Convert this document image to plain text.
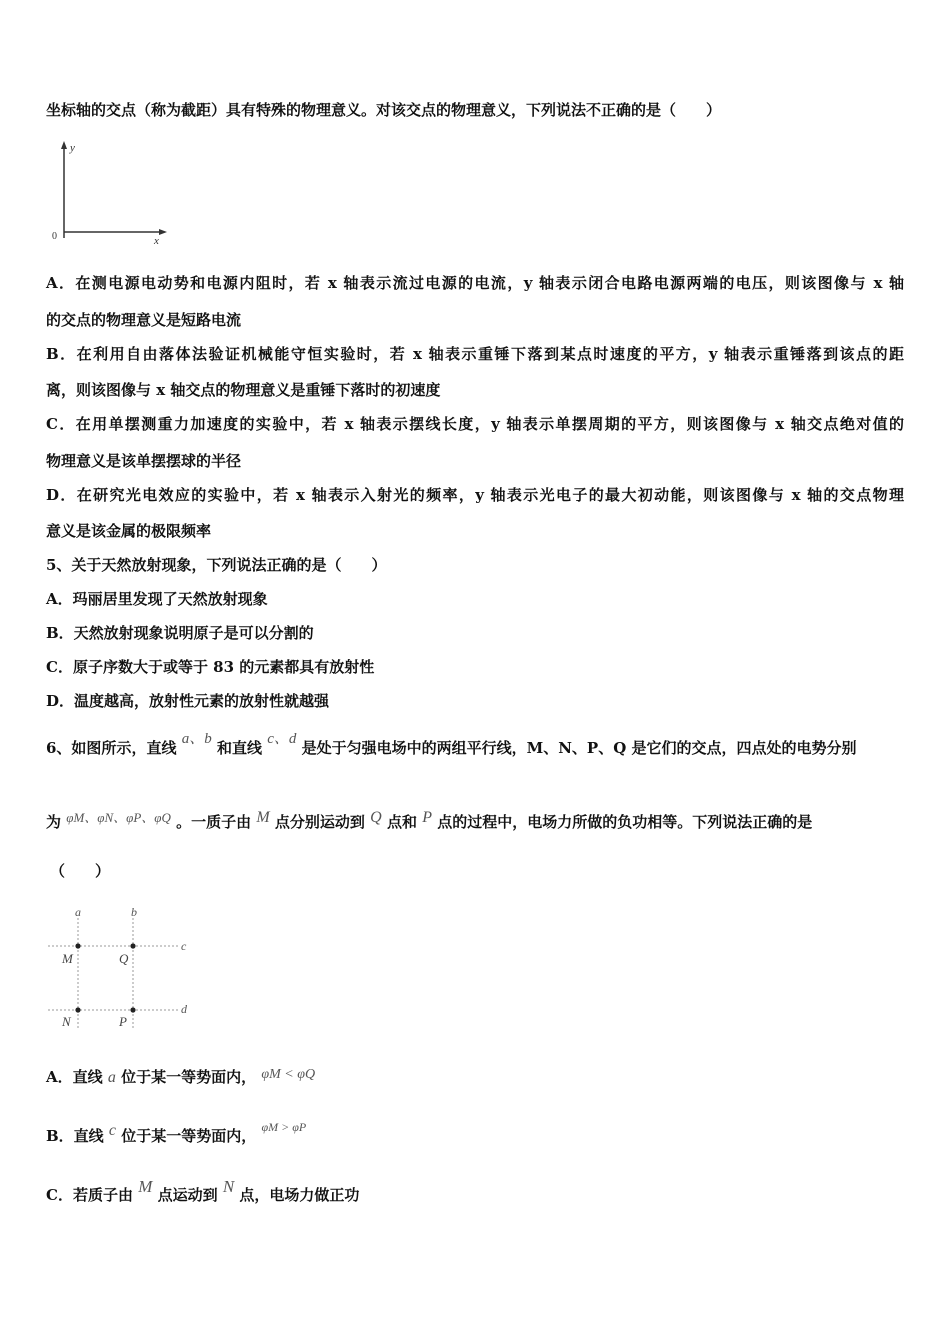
坐标轴的交点（称为截距）具有特殊的物理意义。对该交点的物理意义，下列说法不正确的是（　　）
y
x
0
A．在测电源电动势和电源内阻时，若 x 轴表示流过电源的电流，y 轴表示闭合电路电源两端的电压，则该图像与 x 轴
的交点的物理意义是短路电流
B．在利用自由落体法验证机械能守恒实验时，若 x 轴表示重锤下落到某点时速度的平方，y 轴表示重锤落到该点的距
离，则该图像与 x 轴交点的物理意义是重锤下落时的初速度
C．在用单摆测重力加速度的实验中，若 x 轴表示摆线长度，y 轴表示单摆周期的平方，则该图像与 x 轴交点绝对值的
物理意义是该单摆摆球的半径
D．在研究光电效应的实验中，若 x 轴表示入射光的频率，y 轴表示光电子的最大初动能，则该图像与 x 轴的交点物理
意义是该金属的极限频率
5、关于天然放射现象，下列说法正确的是（　　）
A．玛丽居里发现了天然放射现象
B．天然放射现象说明原子是可以分割的
C．原子序数大于或等于 83 的元素都具有放射性
D．温度越高，放射性元素的放射性就越强
6、如图所示，直线 a、b 和直线 c、d 是处于匀强电场中的两组平行线，M、N、P、Q 是它们的交点，四点处的电势分别
为 φM、φN、φP、φQ 。一质子由 M 点分别运动到 Q 点和 P 点的过程中，电场力所做的负功相等。下列说法正确的是
（　　）
a	b
c
d
M	Q
N	P
A．直线 a 位于某一等势面内， φM < φQ
B．直线 c 位于某一等势面内， $^{\varphi M > \varphi P}$
C．若质子由 M 点运动到 N 点，电场力做正功
